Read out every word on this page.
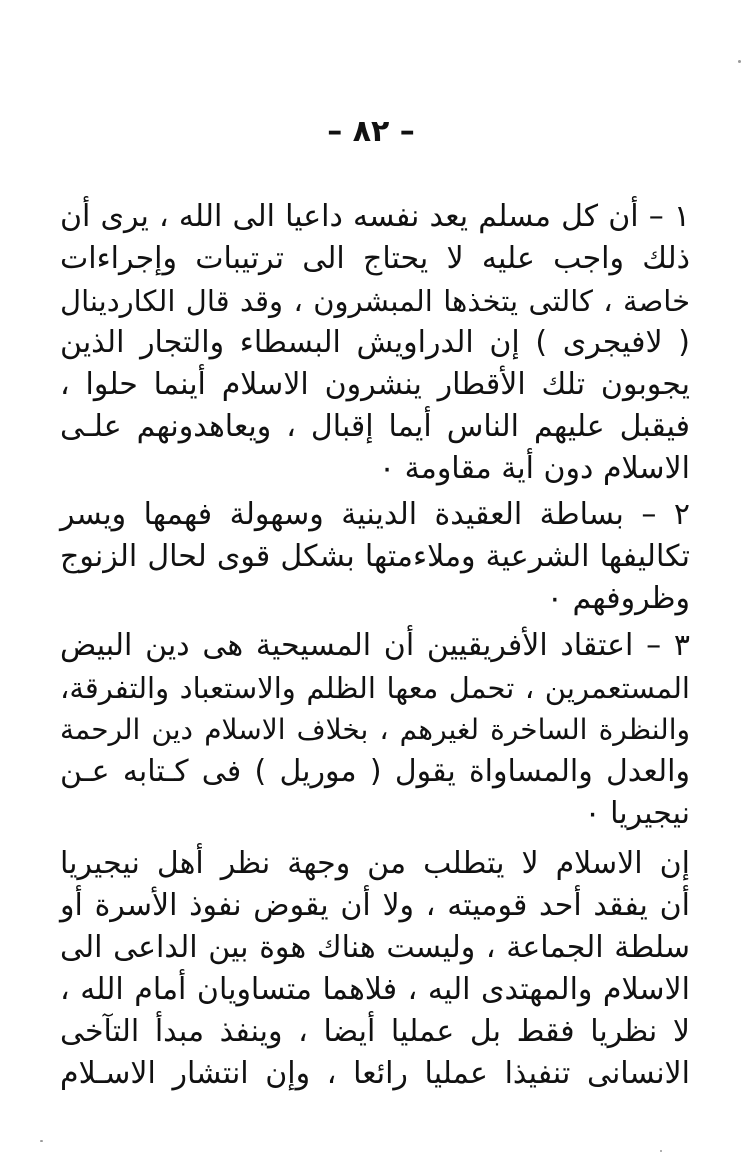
– ٨٢ –
١ – أن كل مسلم يعد نفسه داعيا الى الله ، يرى أن
ذلك واجب عليه لا يحتاج الى ترتيبات وإجراءات
خاصة ، كالتى يتخذها المبشرون ، وقد قال الكاردينال
( لافيجرى ) إن الدراويش البسطاء والتجار الذين
يجوبون تلك الأقطار ينشرون الاسلام أينما حلوا ،
فيقبل عليهم الناس أيما إقبال ، ويعاهدونهم علـى
الاسلام دون أية مقاومة ٠
٢ – بساطة العقيدة الدينية وسهولة فهمها ويسر
تكاليفها الشرعية وملاءمتها بشكل قوى لحال الزنوج
وظروفهم ٠
٣ – اعتقاد الأفريقيين أن المسيحية هى دين البيض
المستعمرين ، تحمل معها الظلم والاستعباد والتفرقة،
والنظرة الساخرة لغيرهم ، بخلاف الاسلام دين الرحمة
والعدل والمساواة يقول ( موريل ) فى كـتابه عـن
نيجيريا ٠
إن الاسلام لا يتطلب من وجهة نظر أهل نيجيريا
أن يفقد أحد قوميته ، ولا أن يقوض نفوذ الأسرة أو
سلطة الجماعة ، وليست هناك هوة بين الداعى الى
الاسلام والمهتدى اليه ، فلاهما متساويان أمام الله ،
لا نظريا فقط بل عمليا أيضا ، وينفذ مبدأ التآخى
الانسانى تنفيذا عمليا رائعا ، وإن انتشار الاسـلام
